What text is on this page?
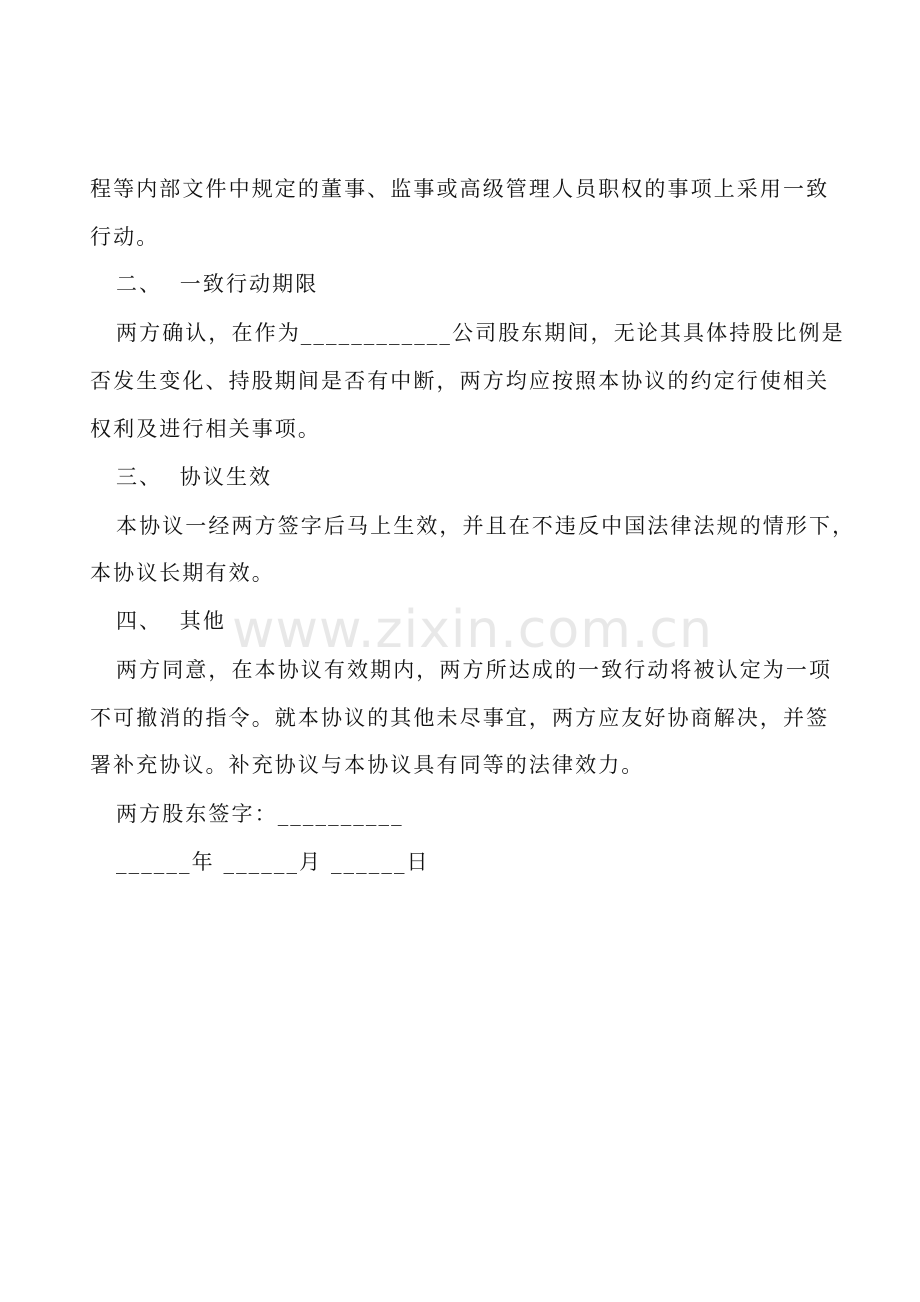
程等内部文件中规定的董事、监事或高级管理人员职权的事项上采用一致
行动。
二、  一致行动期限
两方确认，在作为____________公司股东期间，无论其具体持股比例是
否发生变化、持股期间是否有中断，两方均应按照本协议的约定行使相关
权利及进行相关事项。
三、  协议生效
本协议一经两方签字后马上生效，并且在不违反中国法律法规的情形下，
本协议长期有效。
四、  其他
两方同意，在本协议有效期内，两方所达成的一致行动将被认定为一项
不可撤消的指令。就本协议的其他未尽事宜，两方应友好协商解决，并签
署补充协议。补充协议与本协议具有同等的法律效力。
两方股东签字：__________
______年 ______月 ______日
www.zixin.com.cn
